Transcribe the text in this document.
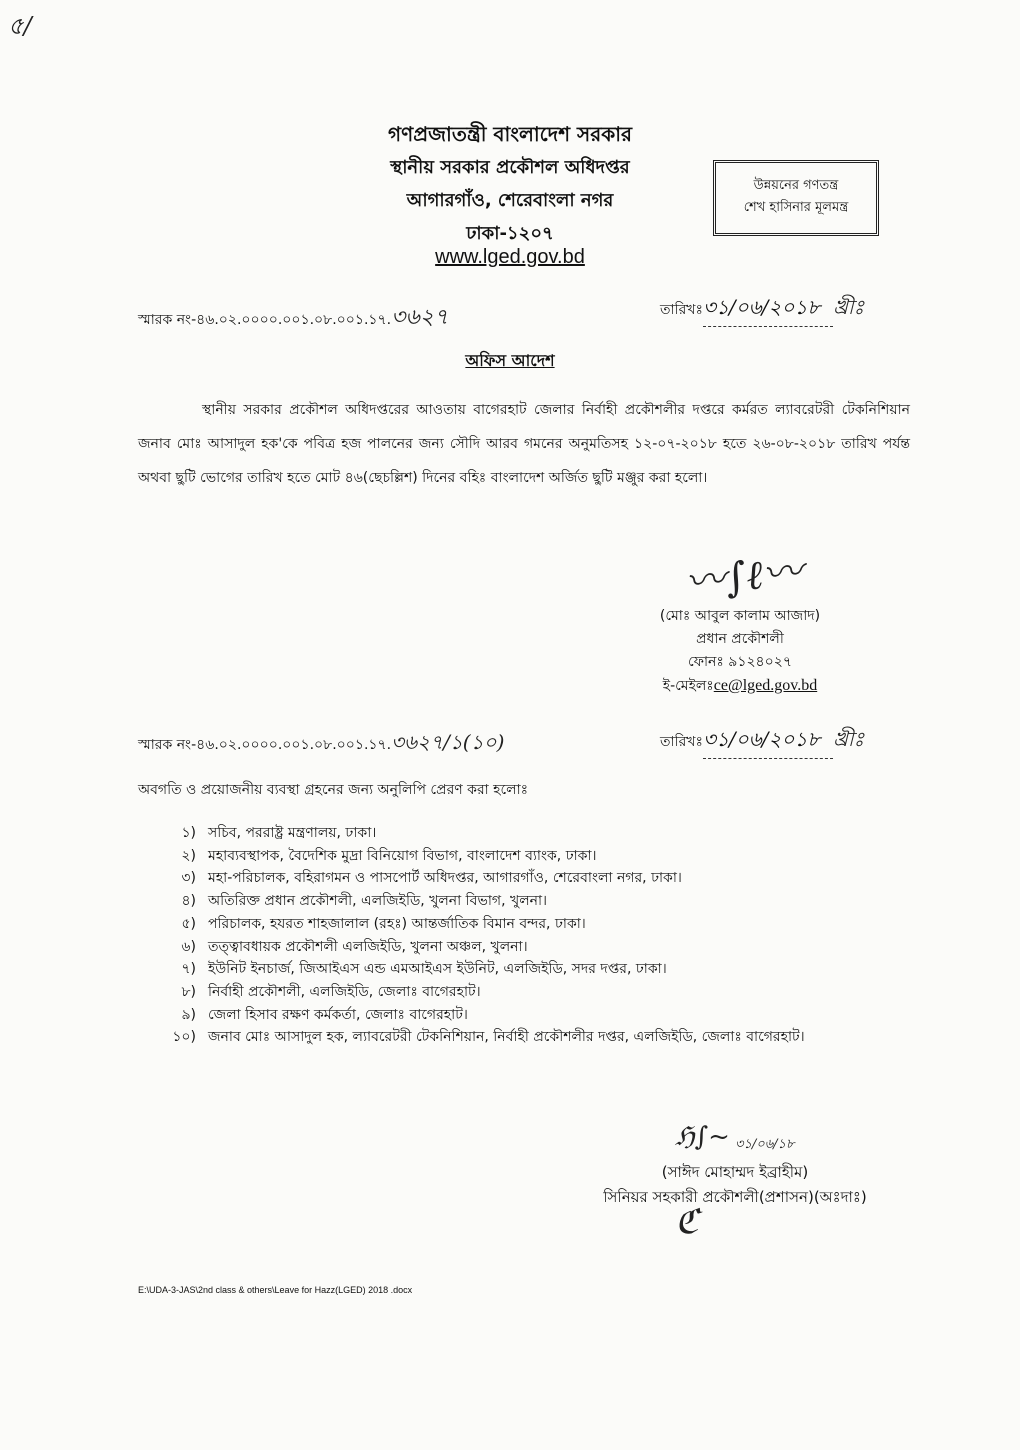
৫/
গণপ্রজাতন্ত্রী বাংলাদেশ সরকার
স্থানীয় সরকার প্রকৌশল অধিদপ্তর
আগারগাঁও, শেরেবাংলা নগর
ঢাকা-১২০৭
www.lged.gov.bd
উন্নয়নের গণতন্ত্র
শেখ হাসিনার মূলমন্ত্র
স্মারক নং-৪৬.০২.০০০০.০০১.০৮.০০১.১৭.৩৬২৭	তারিখঃ৩১/০৬/২০১৮ খ্রীঃ
অফিস আদেশ

স্থানীয় সরকার প্রকৌশল অধিদপ্তরের আওতায় বাগেরহাট জেলার নির্বাহী প্রকৌশলীর দপ্তরে কর্মরত ল্যাবরেটরী টেকনিশিয়ান জনাব মোঃ আসাদুল হক'কে পবিত্র হজ পালনের জন্য সৌদি আরব গমনের অনুমতিসহ ১২-০৭-২০১৮ হতে ২৬-০৮-২০১৮ তারিখ পর্যন্ত অথবা ছুটি ভোগের তারিখ হতে মোট ৪৬(ছেচল্লিশ) দিনের বহিঃ বাংলাদেশ অর্জিত ছুটি মঞ্জুর করা হলো।

〰∫ℓ〰
(মোঃ আবুল কালাম আজাদ)
প্রধান প্রকৌশলী
ফোনঃ ৯১২৪০২৭
ই-মেইলঃce@lged.gov.bd
স্মারক নং-৪৬.০২.০০০০.০০১.০৮.০০১.১৭.৩৬২৭/১(১০)	তারিখঃ৩১/০৬/২০১৮ খ্রীঃ
অবগতি ও প্রয়োজনীয় ব্যবস্থা গ্রহনের জন্য অনুলিপি প্রেরণ করা হলোঃ
১) সচিব, পররাষ্ট্র মন্ত্রণালয়, ঢাকা।
২) মহাব্যবস্থাপক, বৈদেশিক মুদ্রা বিনিয়োগ বিভাগ, বাংলাদেশ ব্যাংক, ঢাকা।
৩) মহা-পরিচালক, বহিরাগমন ও পাসপোর্ট অধিদপ্তর, আগারগাঁও, শেরেবাংলা নগর, ঢাকা।
৪) অতিরিক্ত প্রধান প্রকৌশলী, এলজিইডি, খুলনা বিভাগ, খুলনা।
৫) পরিচালক, হযরত শাহজালাল (রহঃ) আন্তর্জাতিক বিমান বন্দর, ঢাকা।
৬) তত্ত্বাবধায়ক প্রকৌশলী এলজিইডি, খুলনা অঞ্চল, খুলনা।
৭) ইউনিট ইনচার্জ, জিআইএস এন্ড এমআইএস ইউনিট, এলজিইডি, সদর দপ্তর, ঢাকা।
৮) নির্বাহী প্রকৌশলী, এলজিইডি, জেলাঃ বাগেরহাট।
৯) জেলা হিসাব রক্ষণ কর্মকর্তা, জেলাঃ বাগেরহাট।
১০) জনাব মোঃ আসাদুল হক, ল্যাবরেটরী টেকনিশিয়ান, নির্বাহী প্রকৌশলীর দপ্তর, এলজিইডি, জেলাঃ বাগেরহাট।
ℌ∫~ ৩১/০৬/১৮
(সাঈদ মোহাম্মদ ইব্রাহীম)
সিনিয়র সহকারী প্রকৌশলী(প্রশাসন)(অঃদাঃ)
ℭ
E:\UDA-3-JAS\2nd class & others\Leave for Hazz(LGED) 2018 .docx
